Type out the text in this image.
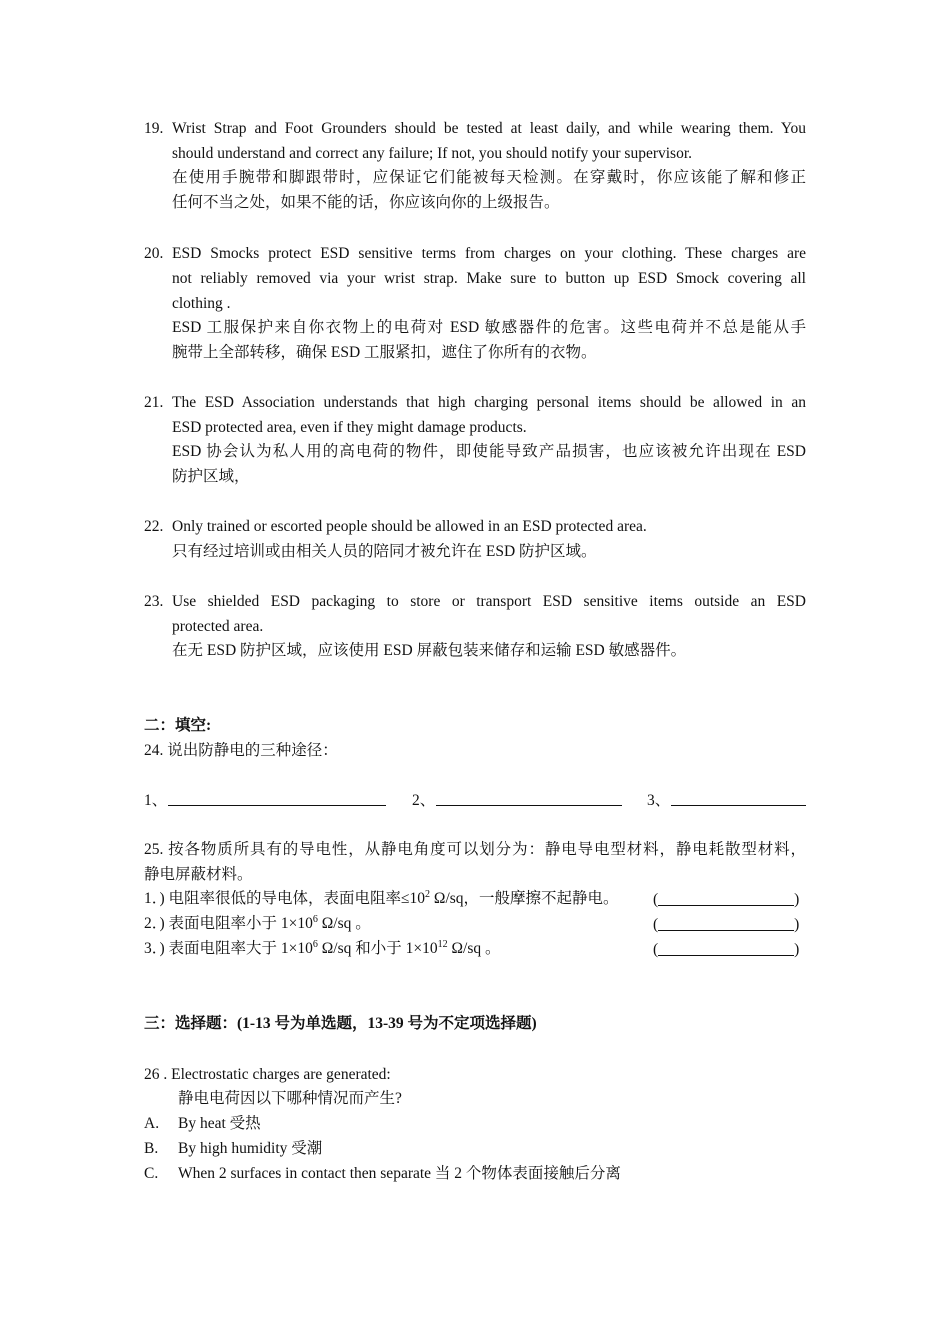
19. Wrist Strap and Foot Grounders should be tested at least daily, and while wearing them. You
should understand and correct any failure; If not, you should notify your supervisor.
在使用手腕带和脚跟带时，应保证它们能被每天检测。在穿戴时，你应该能了解和修正
任何不当之处，如果不能的话，你应该向你的上级报告。
20. ESD Smocks protect ESD sensitive terms from charges on your clothing. These charges are
not reliably removed via your wrist strap. Make sure to button up ESD Smock covering all
clothing .
ESD 工服保护来自你衣物上的电荷对 ESD 敏感器件的危害。这些电荷并不总是能从手
腕带上全部转移，确保 ESD 工服紧扣，遮住了你所有的衣物。
21. The ESD Association understands that high charging personal items should be allowed in an
ESD protected area, even if they might damage products.
ESD 协会认为私人用的高电荷的物件，即使能导致产品损害，也应该被允许出现在 ESD
防护区域，
22. Only trained or escorted people should be allowed in an ESD protected area.
只有经过培训或由相关人员的陪同才被允许在 ESD 防护区域。
23. Use shielded ESD packaging to store or transport ESD sensitive items outside an ESD
protected area.
在无 ESD 防护区域，应该使用 ESD 屏蔽包装来储存和运输 ESD 敏感器件。
二：填空:
24. 说出防静电的三种途径：
1、	2、	3、
25. 按各物质所具有的导电性，从静电角度可以划分为：静电导电型材料，静电耗散型材料，
静电屏蔽材料。
1．) 电阻率很低的导电体，表面电阻率$\le 10^2$ Ω/sq，一般摩擦不起静电。 (	)
2．) 表面电阻率小于 $1\times 10^6$ Ω/sq 。	(	)
3．) 表面电阻率大于 $1\times 10^6$ Ω/sq 和小于 $1\times 10^{12}$ Ω/sq 。	(	)
三：选择题：(1-13 号为单选题，13-39 号为不定项选择题)
26 . Electrostatic charges are generated:
静电电荷因以下哪种情况而产生?
A. By heat 受热
B. By high humidity 受潮
C. When 2 surfaces in contact then separate 当 2 个物体表面接触后分离
